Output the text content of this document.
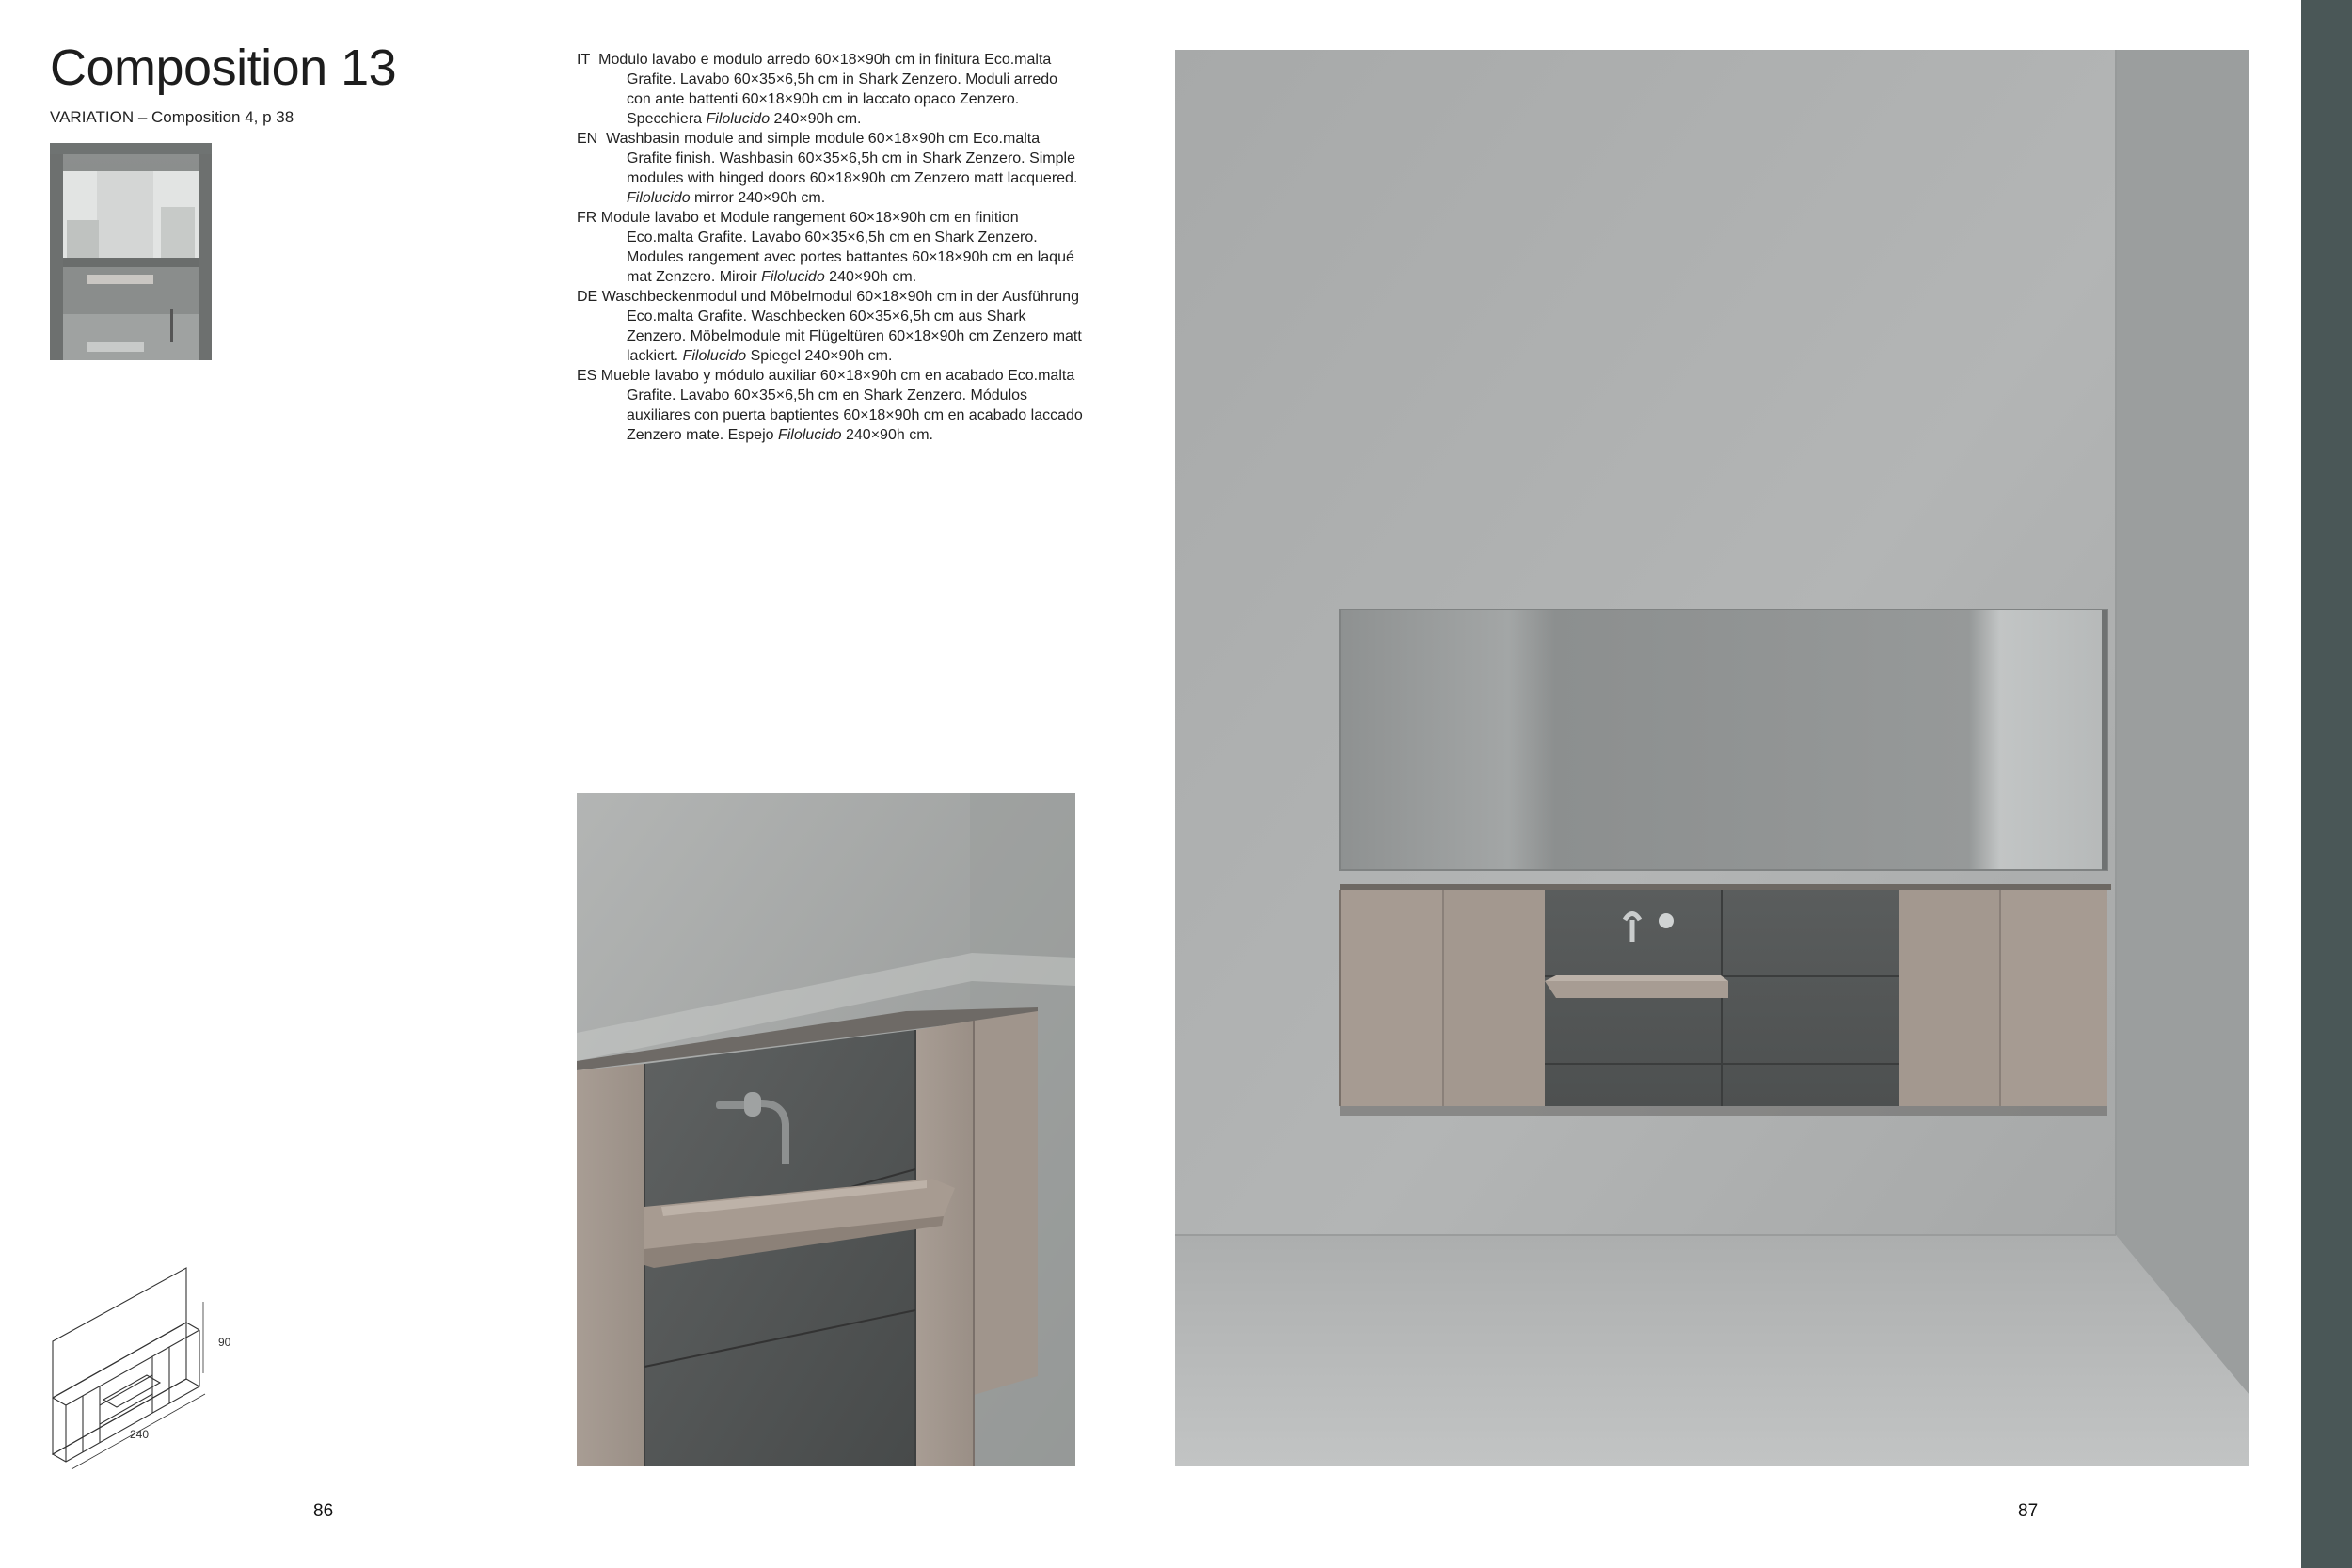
Composition 13
VARIATION – Composition 4, p 38

IT Modulo lavabo e modulo arredo 60×18×90h cm in finitura Eco.malta Grafite. Lavabo 60×35×6,5h cm in Shark Zenzero. Moduli arredo con ante battenti 60×18×90h cm in laccato opaco Zenzero. Specchiera Filolucido 240×90h cm.

EN Washbasin module and simple module 60×18×90h cm Eco.malta Grafite finish. Washbasin 60×35×6,5h cm in Shark Zenzero. Simple modules with hinged doors 60×18×90h cm Zenzero matt lacquered. Filolucido mirror 240×90h cm.

FR Module lavabo et Module rangement 60×18×90h cm en finition Eco.malta Grafite. Lavabo 60×35×6,5h cm en Shark Zenzero. Modules rangement avec portes battantes 60×18×90h cm en laqué mat Zenzero. Miroir Filolucido 240×90h cm.

DE Waschbeckenmodul und Möbelmodul 60×18×90h cm in der Ausführung Eco.malta Grafite. Waschbecken 60×35×6,5h cm aus Shark Zenzero. Möbelmodule mit Flügeltüren 60×18×90h cm Zenzero matt lackiert. Filolucido Spiegel 240×90h cm.

ES Mueble lavabo y módulo auxiliar 60×18×90h cm en acabado Eco.malta Grafite. Lavabo 60×35×6,5h cm en Shark Zenzero. Módulos auxiliares con puerta baptientes 60×18×90h cm en acabado laccado Zenzero mate. Espejo Filolucido 240×90h cm.

90
240
86	87
